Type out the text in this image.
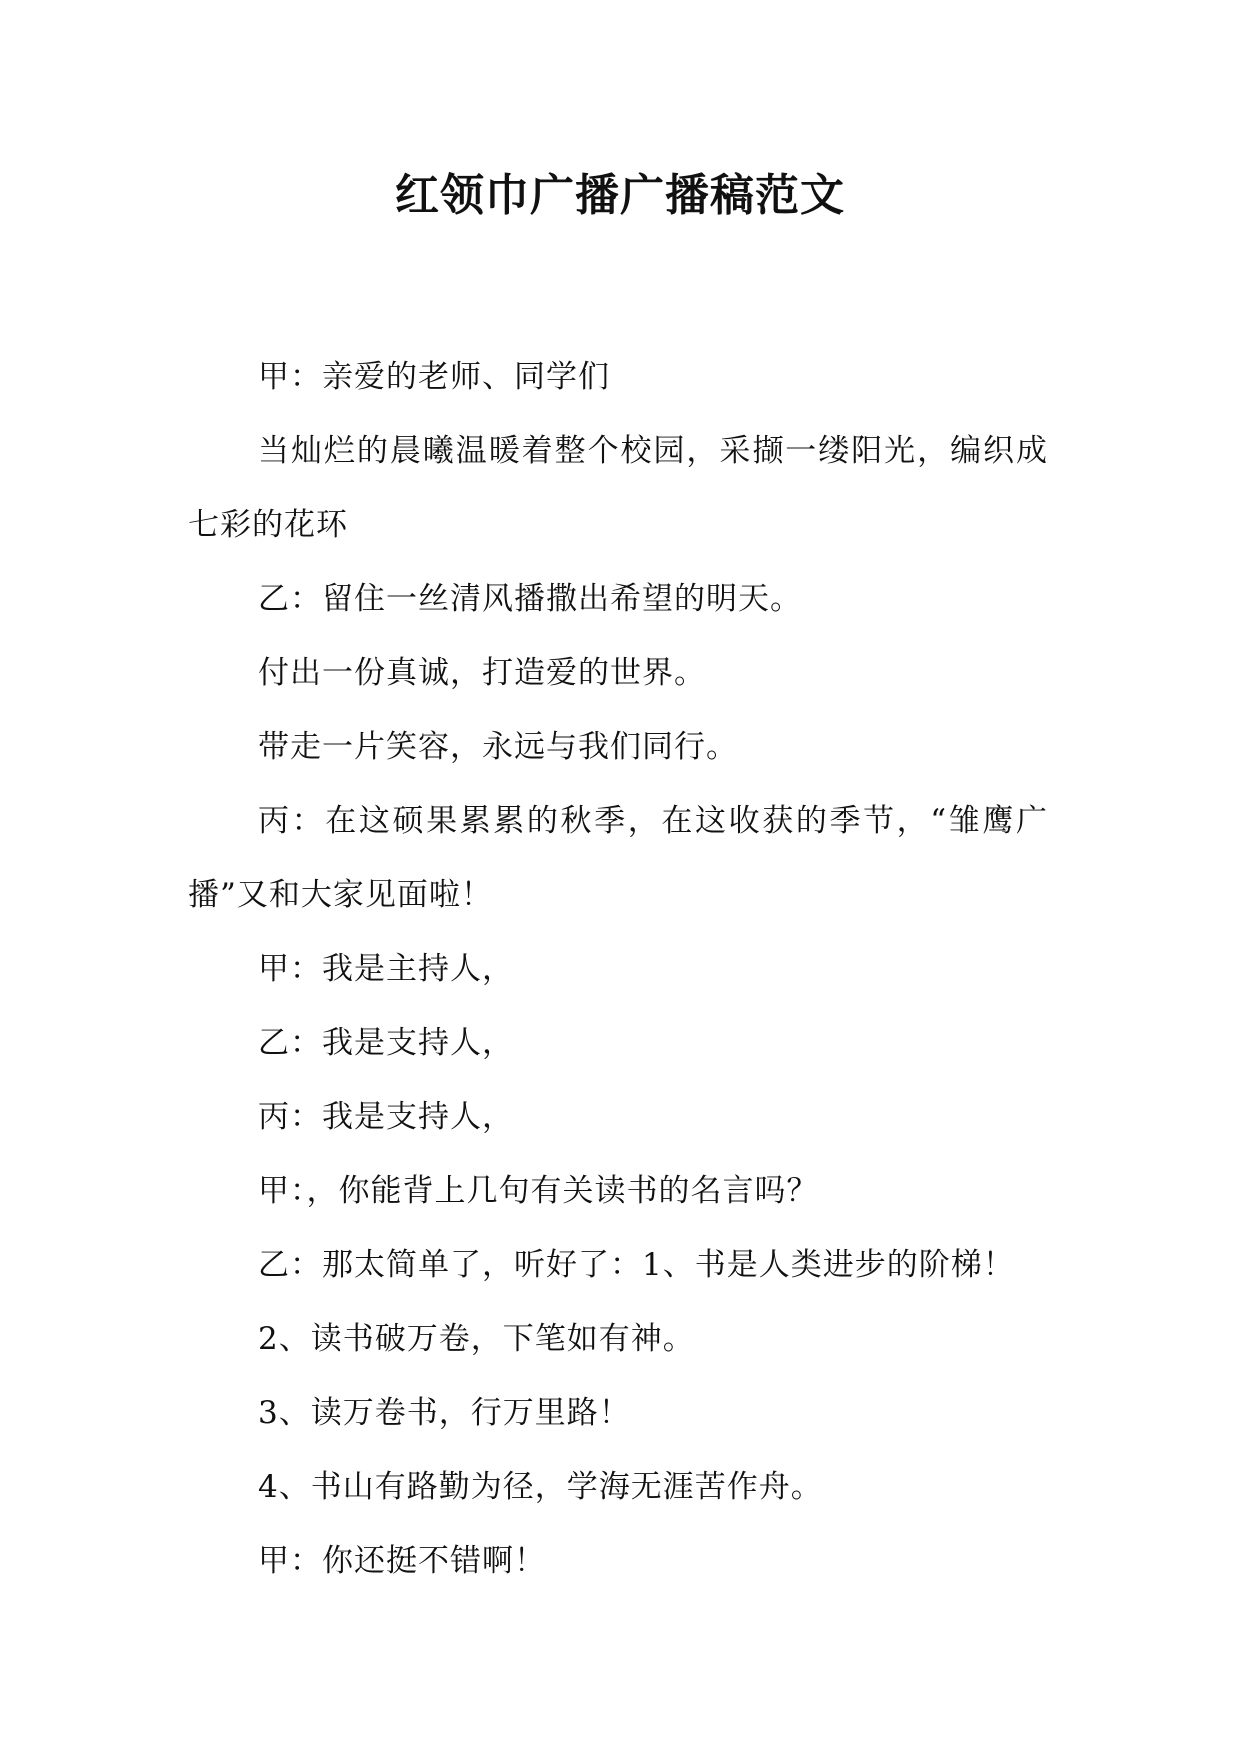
红领巾广播广播稿范文

甲：亲爱的老师、同学们

当灿烂的晨曦温暖着整个校园，采撷一缕阳光，编织成七彩的花环

乙：留住一丝清风播撒出希望的明天。

付出一份真诚，打造爱的世界。

带走一片笑容，永远与我们同行。

丙：在这硕果累累的秋季，在这收获的季节，“雏鹰广播”又和大家见面啦！

甲：我是主持人，

乙：我是支持人，

丙：我是支持人，

甲：，你能背上几句有关读书的名言吗？

乙：那太简单了，听好了：1、书是人类进步的阶梯！

2、读书破万卷，下笔如有神。

3、读万卷书，行万里路！

4、书山有路勤为径，学海无涯苦作舟。

甲：你还挺不错啊！
